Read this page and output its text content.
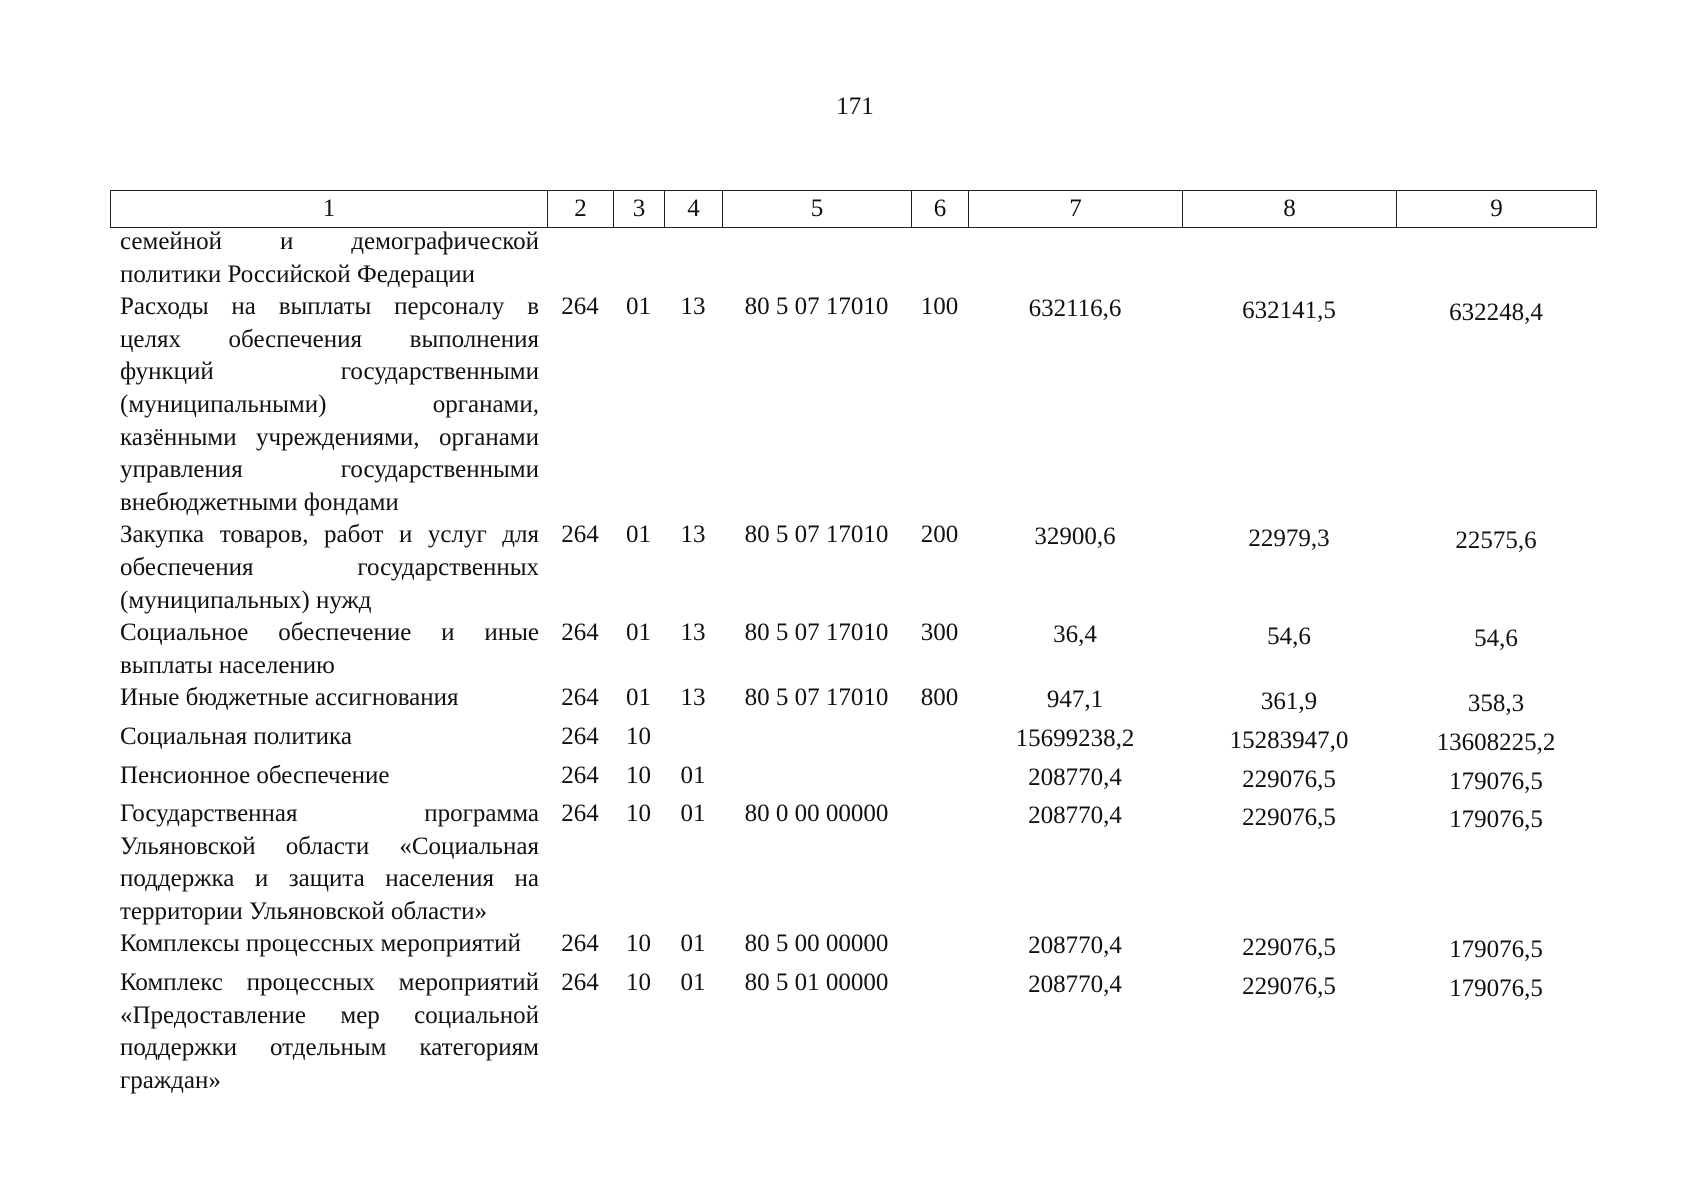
171
1	2	3	4	5	6	7	8	9
семейной и демографической политики Российской Федерации								
Расходы на выплаты персоналу в целях обеспечения выполнения функций государственными (муниципальными) органами, казёнными учреждениями, органами управления государственными внебюджетными фондами	264	01	13	80 5 07 17010	100	632116,6	632141,5	632248,4
Закупка товаров, работ и услуг для обеспечения государственных (муниципальных) нужд	264	01	13	80 5 07 17010	200	32900,6	22979,3	22575,6
Социальное обеспечение и иные выплаты населению	264	01	13	80 5 07 17010	300	36,4	54,6	54,6
Иные бюджетные ассигнования	264	01	13	80 5 07 17010	800	947,1	361,9	358,3
Социальная политика	264	10				15699238,2	15283947,0	13608225,2
Пенсионное обеспечение	264	10	01			208770,4	229076,5	179076,5
Государственная программа Ульяновской области «Социальная поддержка и защита населения на территории Ульяновской области»	264	10	01	80 0 00 00000		208770,4	229076,5	179076,5
Комплексы процессных мероприятий	264	10	01	80 5 00 00000		208770,4	229076,5	179076,5
Комплекс процессных мероприятий «Предоставление мер социальной поддержки отдельным категориям граждан»	264	10	01	80 5 01 00000		208770,4	229076,5	179076,5
